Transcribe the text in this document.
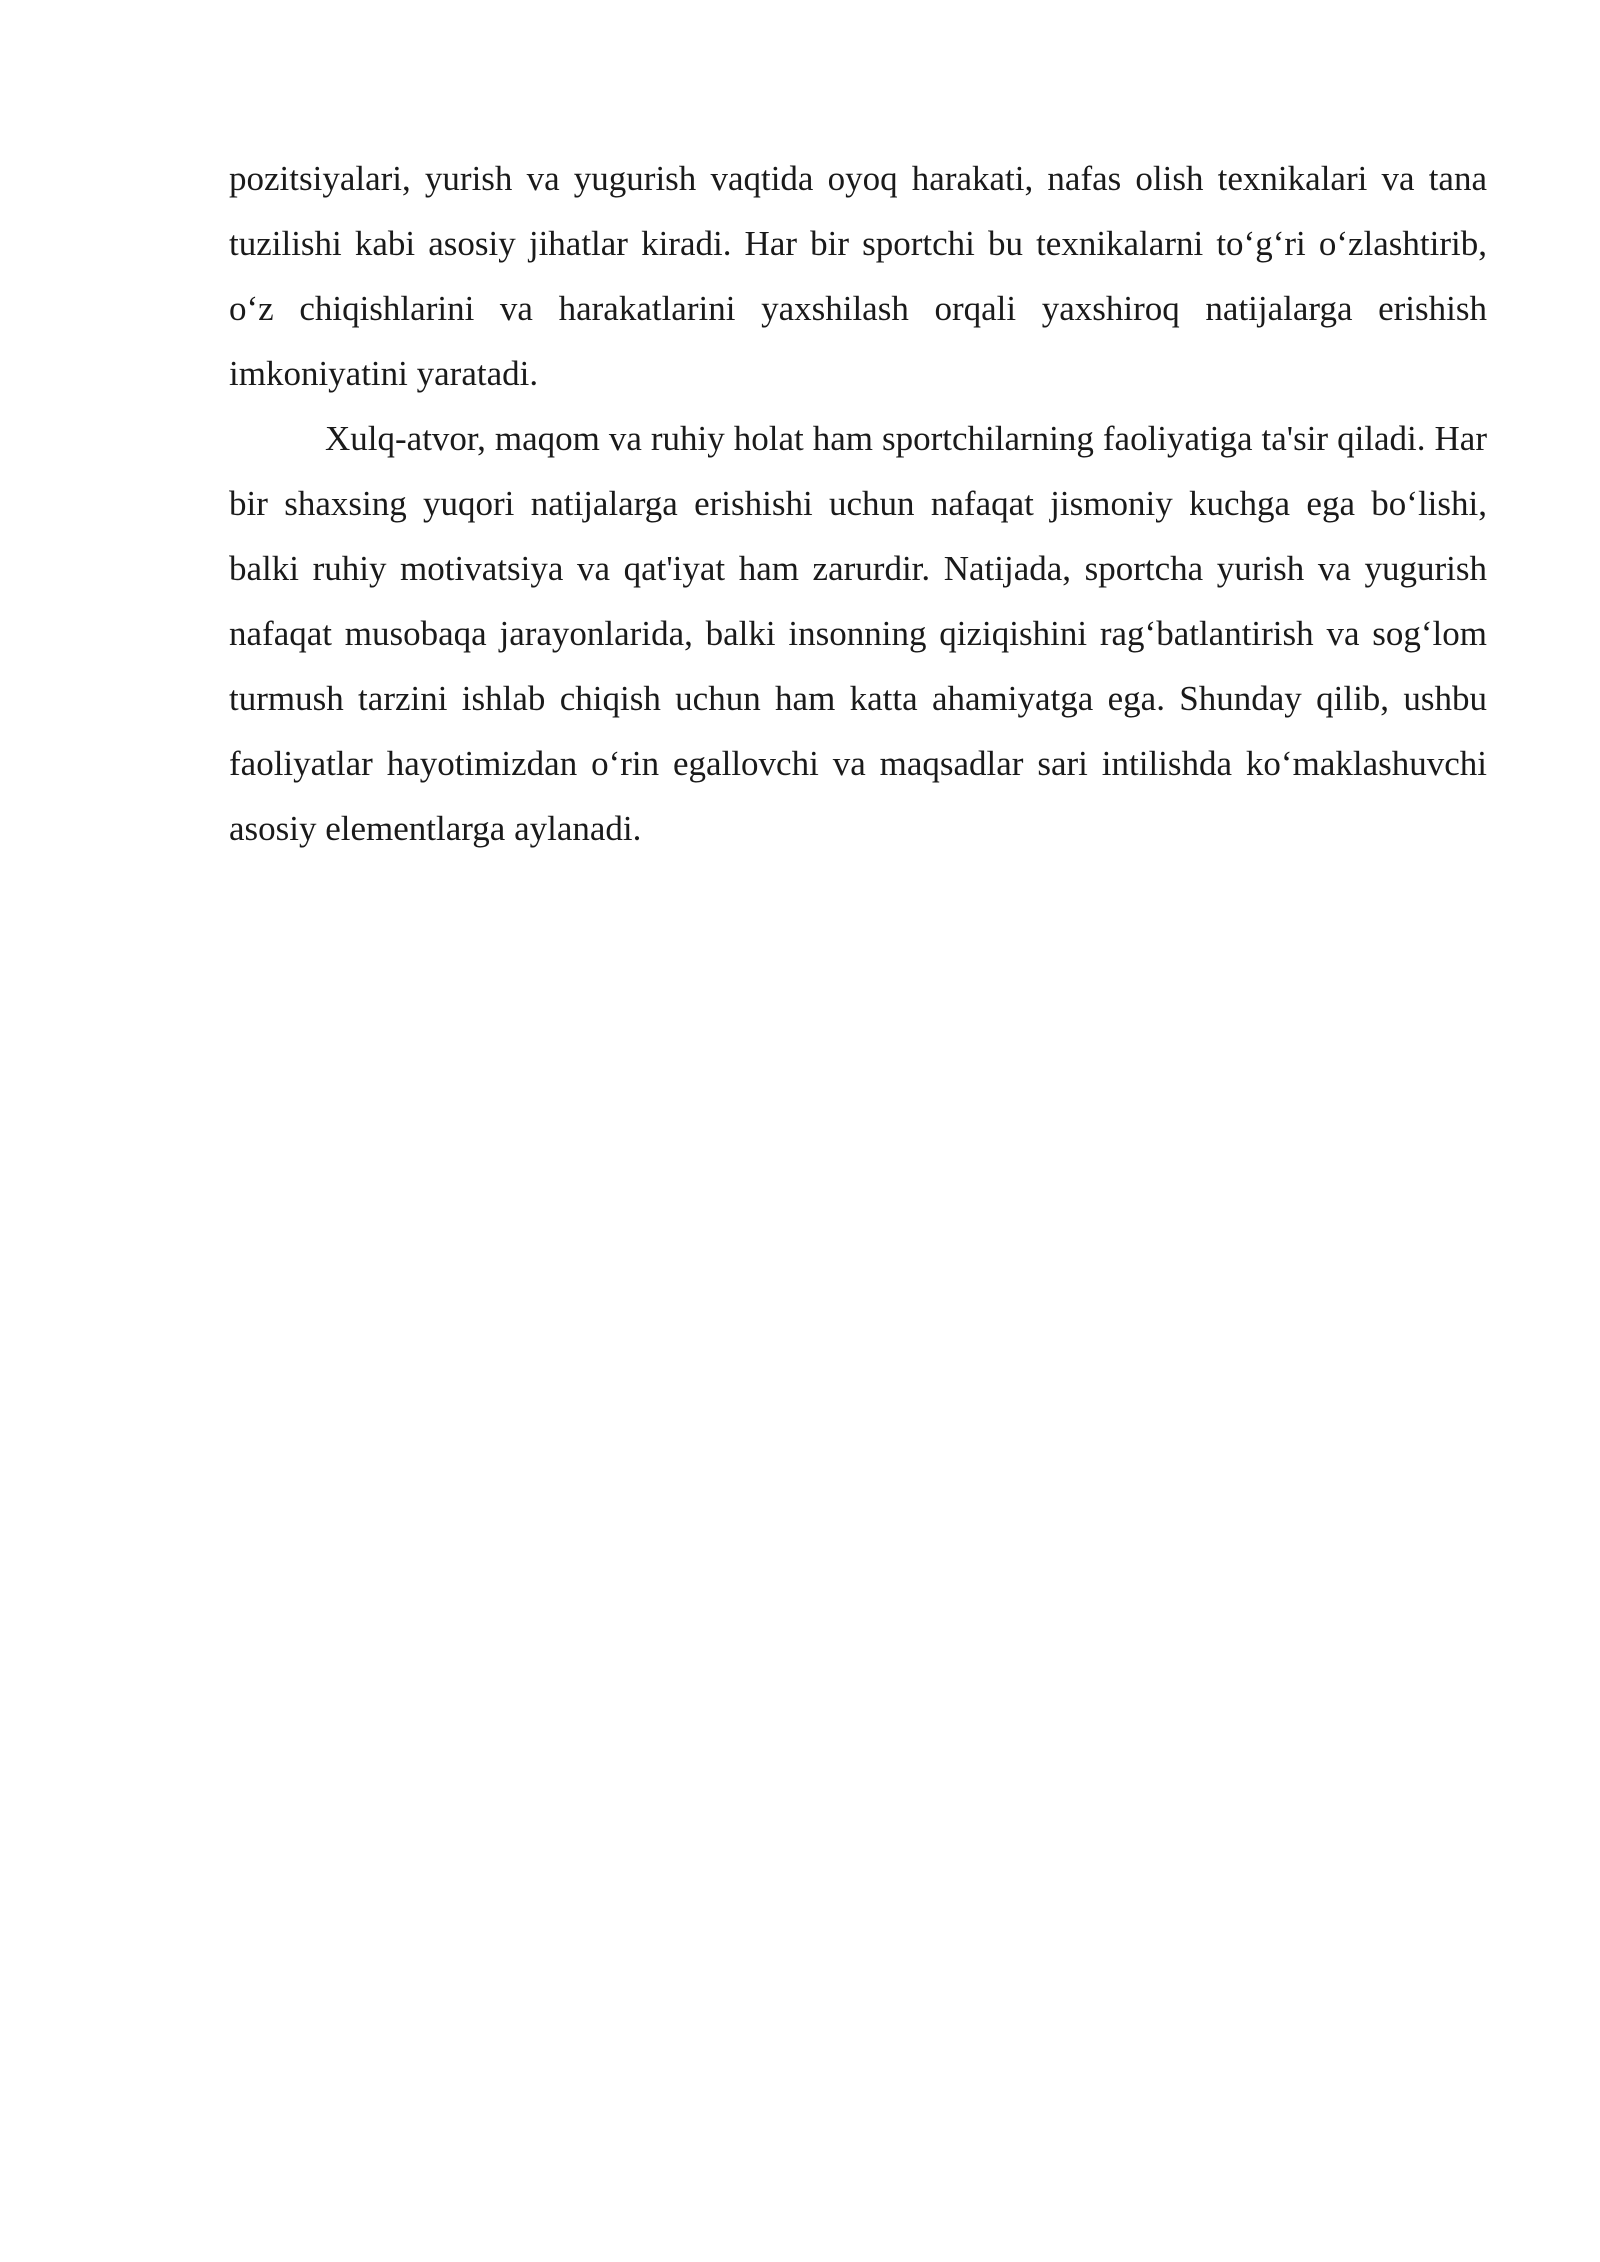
pozitsiyalari, yurish va yugurish vaqtida oyoq harakati, nafas olish texnikalari va tana tuzilishi kabi asosiy jihatlar kiradi. Har bir sportchi bu texnikalarni to‘g‘ri o‘zlashtirib, o‘z chiqishlarini va harakatlarini yaxshilash orqali yaxshiroq natijalarga erishish imkoniyatini yaratadi.

Xulq-atvor, maqom va ruhiy holat ham sportchilarning faoliyatiga ta'sir qiladi. Har bir shaxsing yuqori natijalarga erishishi uchun nafaqat jismoniy kuchga ega bo‘lishi, balki ruhiy motivatsiya va qat'iyat ham zarurdir. Natijada, sportcha yurish va yugurish nafaqat musobaqa jarayonlarida, balki insonning qiziqishini rag‘batlantirish va sog‘lom turmush tarzini ishlab chiqish uchun ham katta ahamiyatga ega. Shunday qilib, ushbu faoliyatlar hayotimizdan o‘rin egallovchi va maqsadlar sari intilishda ko‘maklashuvchi asosiy elementlarga aylanadi.
